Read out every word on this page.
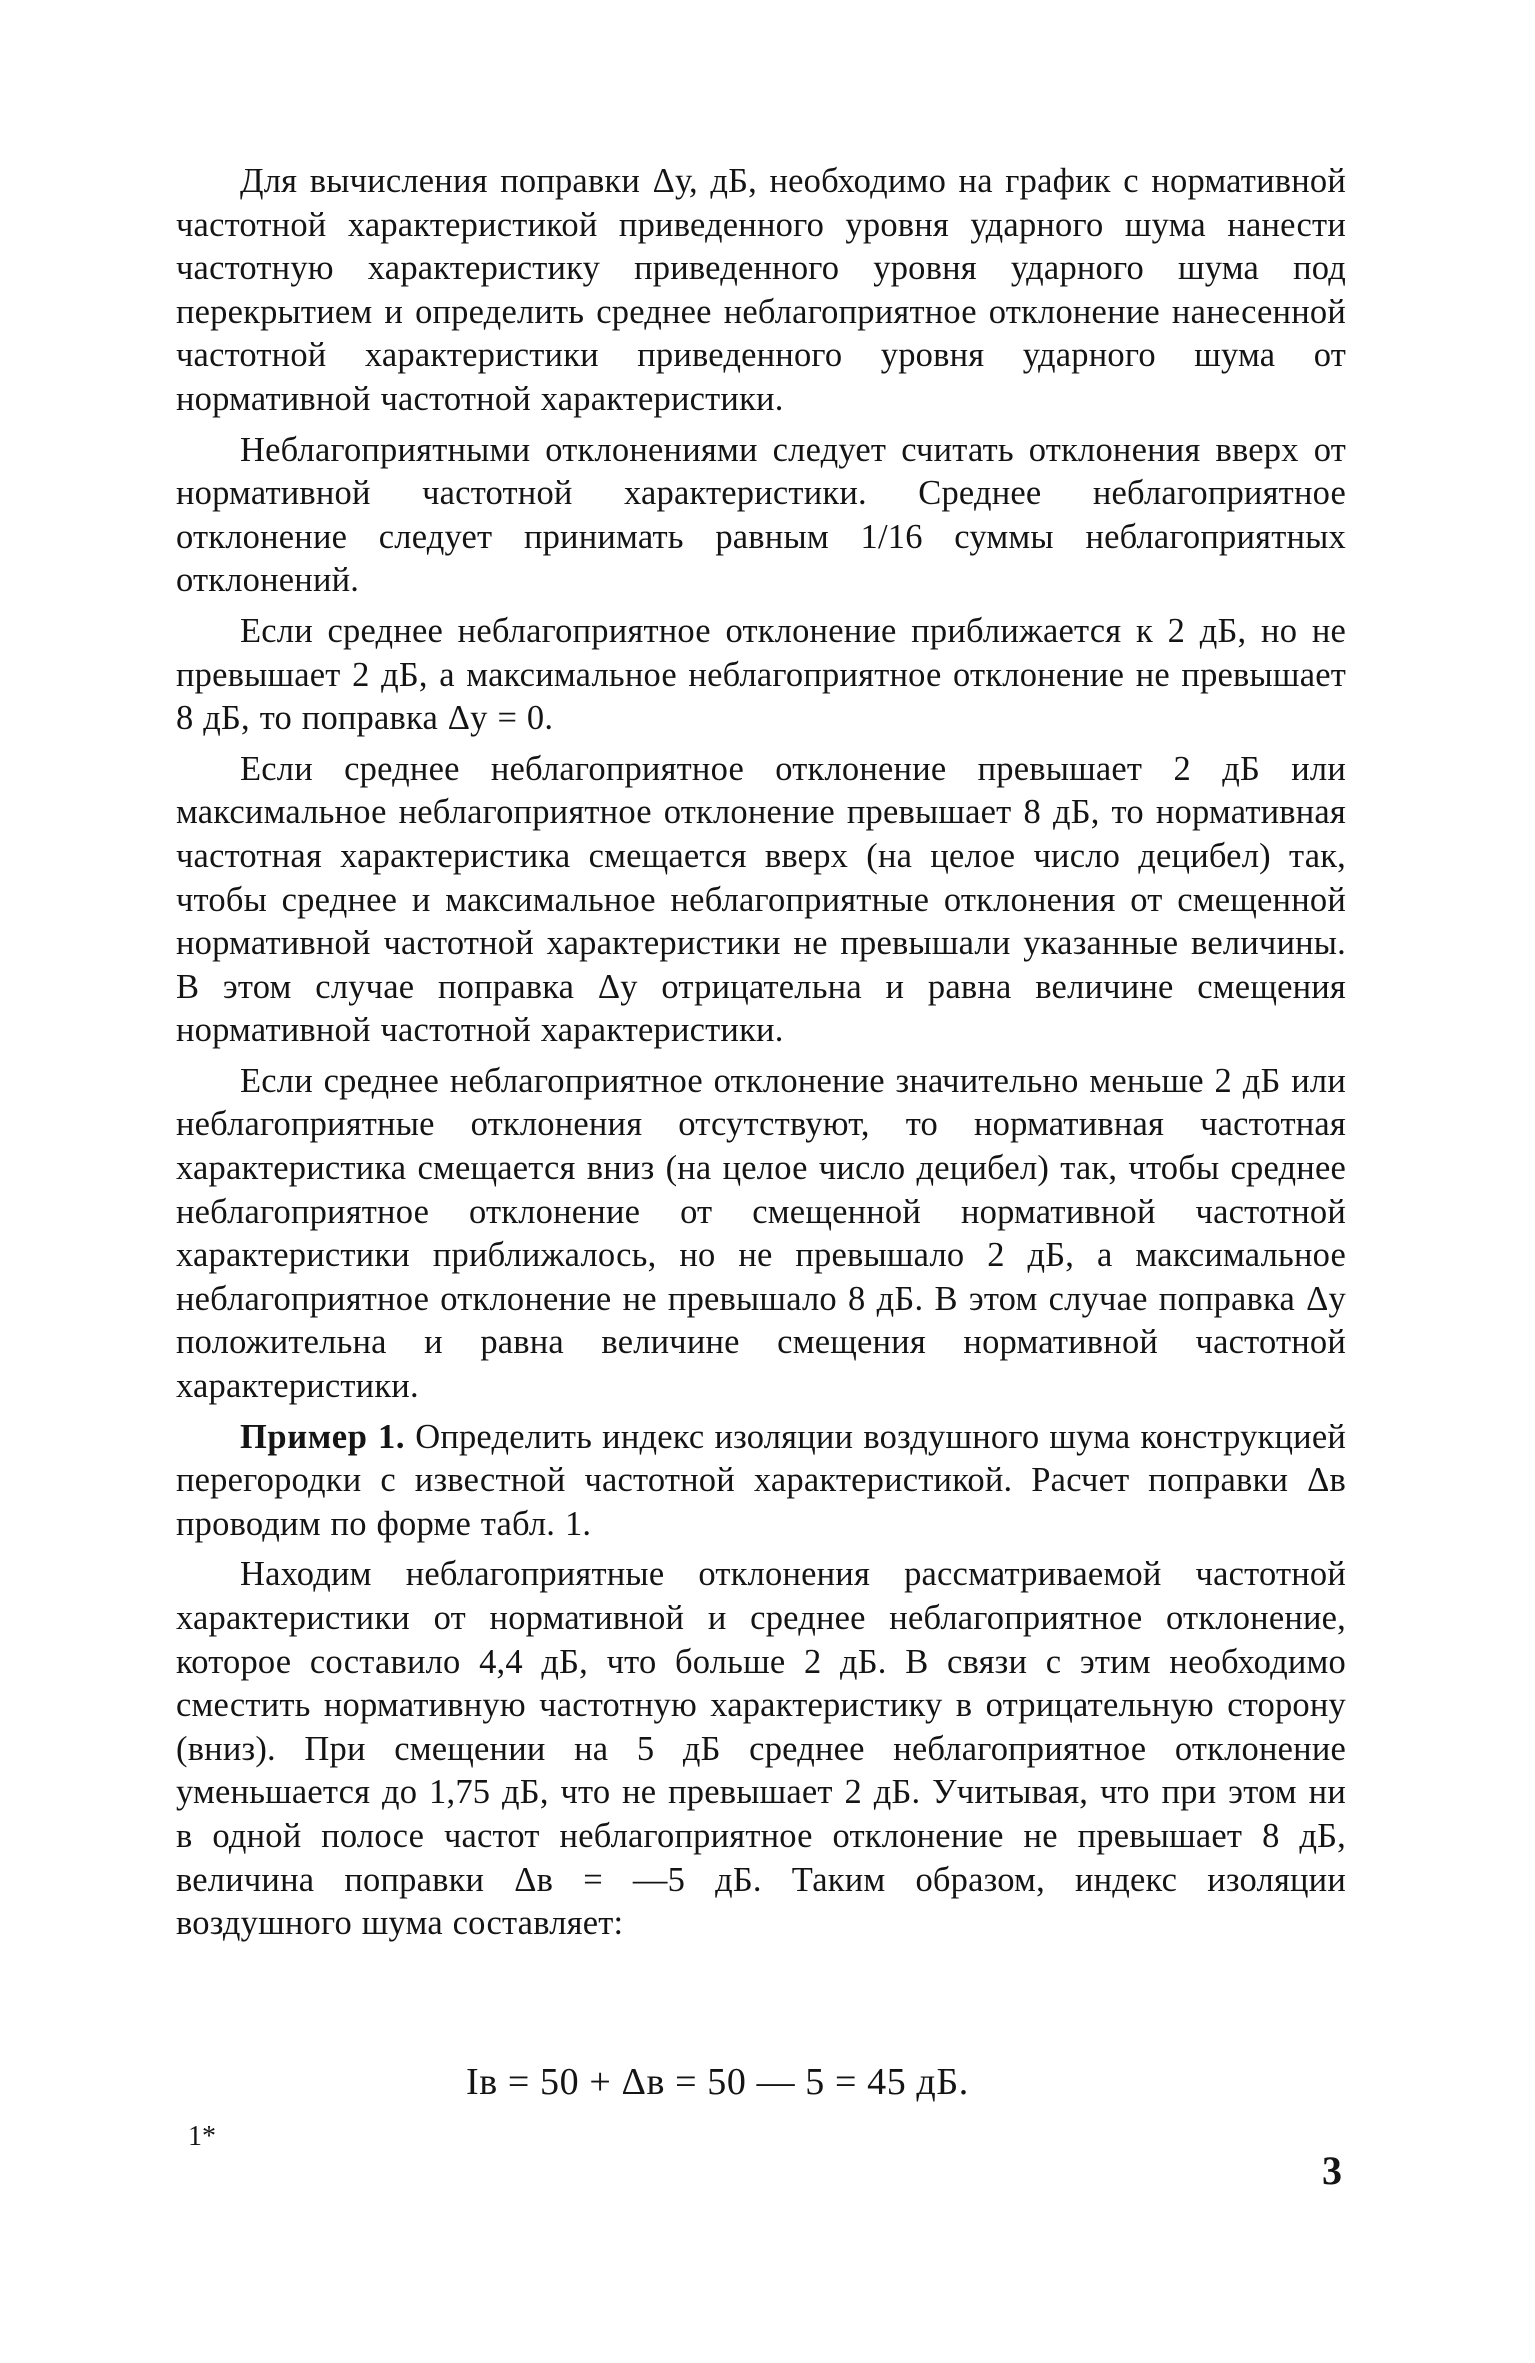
Для вычисления поправки Δу, дБ, необходимо на график с нормативной частотной характеристикой приведенного уровня ударного шума нанести частотную характеристику приведенного уровня ударного шума под перекрытием и определить среднее неблагоприятное отклонение нанесенной частотной характеристики приведенного уровня ударного шума от нормативной частотной характеристики.

Неблагоприятными отклонениями следует считать отклонения вверх от нормативной частотной характеристики. Среднее неблагоприятное отклонение следует принимать равным 1/16 суммы неблагоприятных отклонений.

Если среднее неблагоприятное отклонение приближается к 2 дБ, но не превышает 2 дБ, а максимальное неблагоприятное отклонение не превышает 8 дБ, то поправка Δу = 0.

Если среднее неблагоприятное отклонение превышает 2 дБ или максимальное неблагоприятное отклонение превышает 8 дБ, то нормативная частотная характеристика смещается вверх (на целое число децибел) так, чтобы среднее и максимальное неблагоприятные отклонения от смещенной нормативной частотной характеристики не превышали указанные величины. В этом случае поправка Δу отрицательна и равна величине смещения нормативной частотной характеристики.

Если среднее неблагоприятное отклонение значительно меньше 2 дБ или неблагоприятные отклонения отсутствуют, то нормативная частотная характеристика смещается вниз (на целое число децибел) так, чтобы среднее неблагоприятное отклонение от смещенной нормативной частотной характеристики приближалось, но не превышало 2 дБ, а максимальное неблагоприятное отклонение не превышало 8 дБ. В этом случае поправка Δу положительна и равна величине смещения нормативной частотной характеристики.

Пример 1. Определить индекс изоляции воздушного шума конструкцией перегородки с известной частотной характеристикой. Расчет поправки Δв проводим по форме табл. 1.

Находим неблагоприятные отклонения рассматриваемой частотной характеристики от нормативной и среднее неблагоприятное отклонение, которое составило 4,4 дБ, что больше 2 дБ. В связи с этим необходимо сместить нормативную частотную характеристику в отрицательную сторону (вниз). При смещении на 5 дБ среднее неблагоприятное отклонение уменьшается до 1,75 дБ, что не превышает 2 дБ. Учитывая, что при этом ни в одной полосе частот неблагоприятное отклонение не превышает 8 дБ, величина поправки Δв = —5 дБ. Таким образом, индекс изоляции воздушного шума составляет:

Iв = 50 + Δв = 50 — 5 = 45 дБ.
1*
3
